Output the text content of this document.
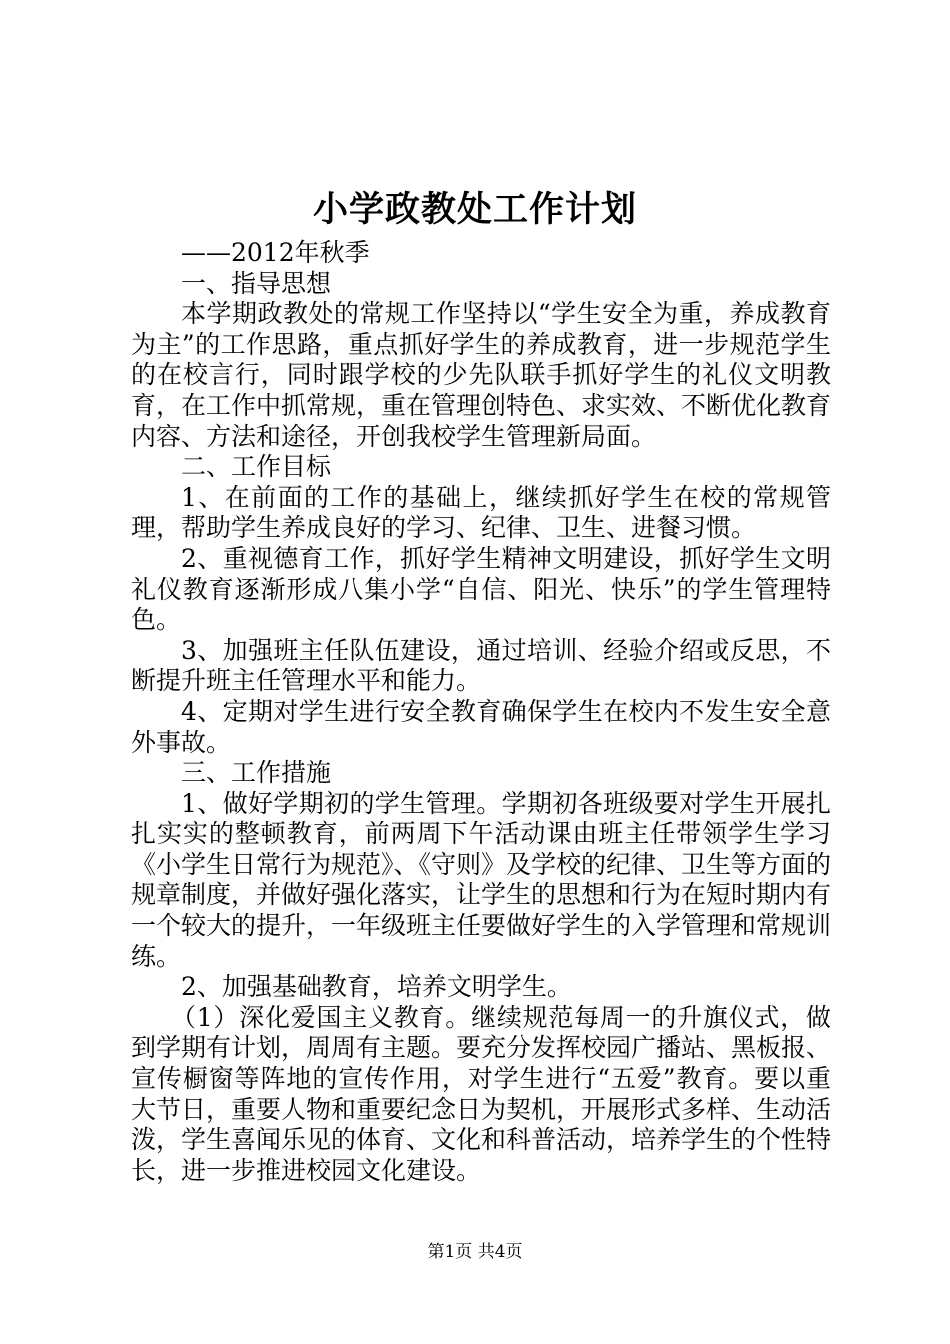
小学政教处工作计划

——2012年秋季

一、指导思想

本学期政教处的常规工作坚持以“学生安全为重，养成教育为主”的工作思路，重点抓好学生的养成教育，进一步规范学生的在校言行，同时跟学校的少先队联手抓好学生的礼仪文明教育，在工作中抓常规，重在管理创特色、求实效、不断优化教育内容、方法和途径，开创我校学生管理新局面。

二、工作目标

1、在前面的工作的基础上，继续抓好学生在校的常规管理，帮助学生养成良好的学习、纪律、卫生、进餐习惯。

2、重视德育工作，抓好学生精神文明建设，抓好学生文明礼仪教育逐渐形成八集小学“自信、阳光、快乐”的学生管理特色。

3、加强班主任队伍建设，通过培训、经验介绍或反思，不断提升班主任管理水平和能力。

4、定期对学生进行安全教育确保学生在校内不发生安全意外事故。

三、工作措施

1、做好学期初的学生管理。学期初各班级要对学生开展扎扎实实的整顿教育，前两周下午活动课由班主任带领学生学习《小学生日常行为规范》、《守则》及学校的纪律、卫生等方面的规章制度，并做好强化落实，让学生的思想和行为在短时期内有一个较大的提升，一年级班主任要做好学生的入学管理和常规训练。

2、加强基础教育，培养文明学生。

（1）深化爱国主义教育。继续规范每周一的升旗仪式，做到学期有计划，周周有主题。要充分发挥校园广播站、黑板报、宣传橱窗等阵地的宣传作用，对学生进行“五爱”教育。要以重大节日，重要人物和重要纪念日为契机，开展形式多样、生动活泼，学生喜闻乐见的体育、文化和科普活动，培养学生的个性特长，进一步推进校园文化建设。

第1页 共4页
